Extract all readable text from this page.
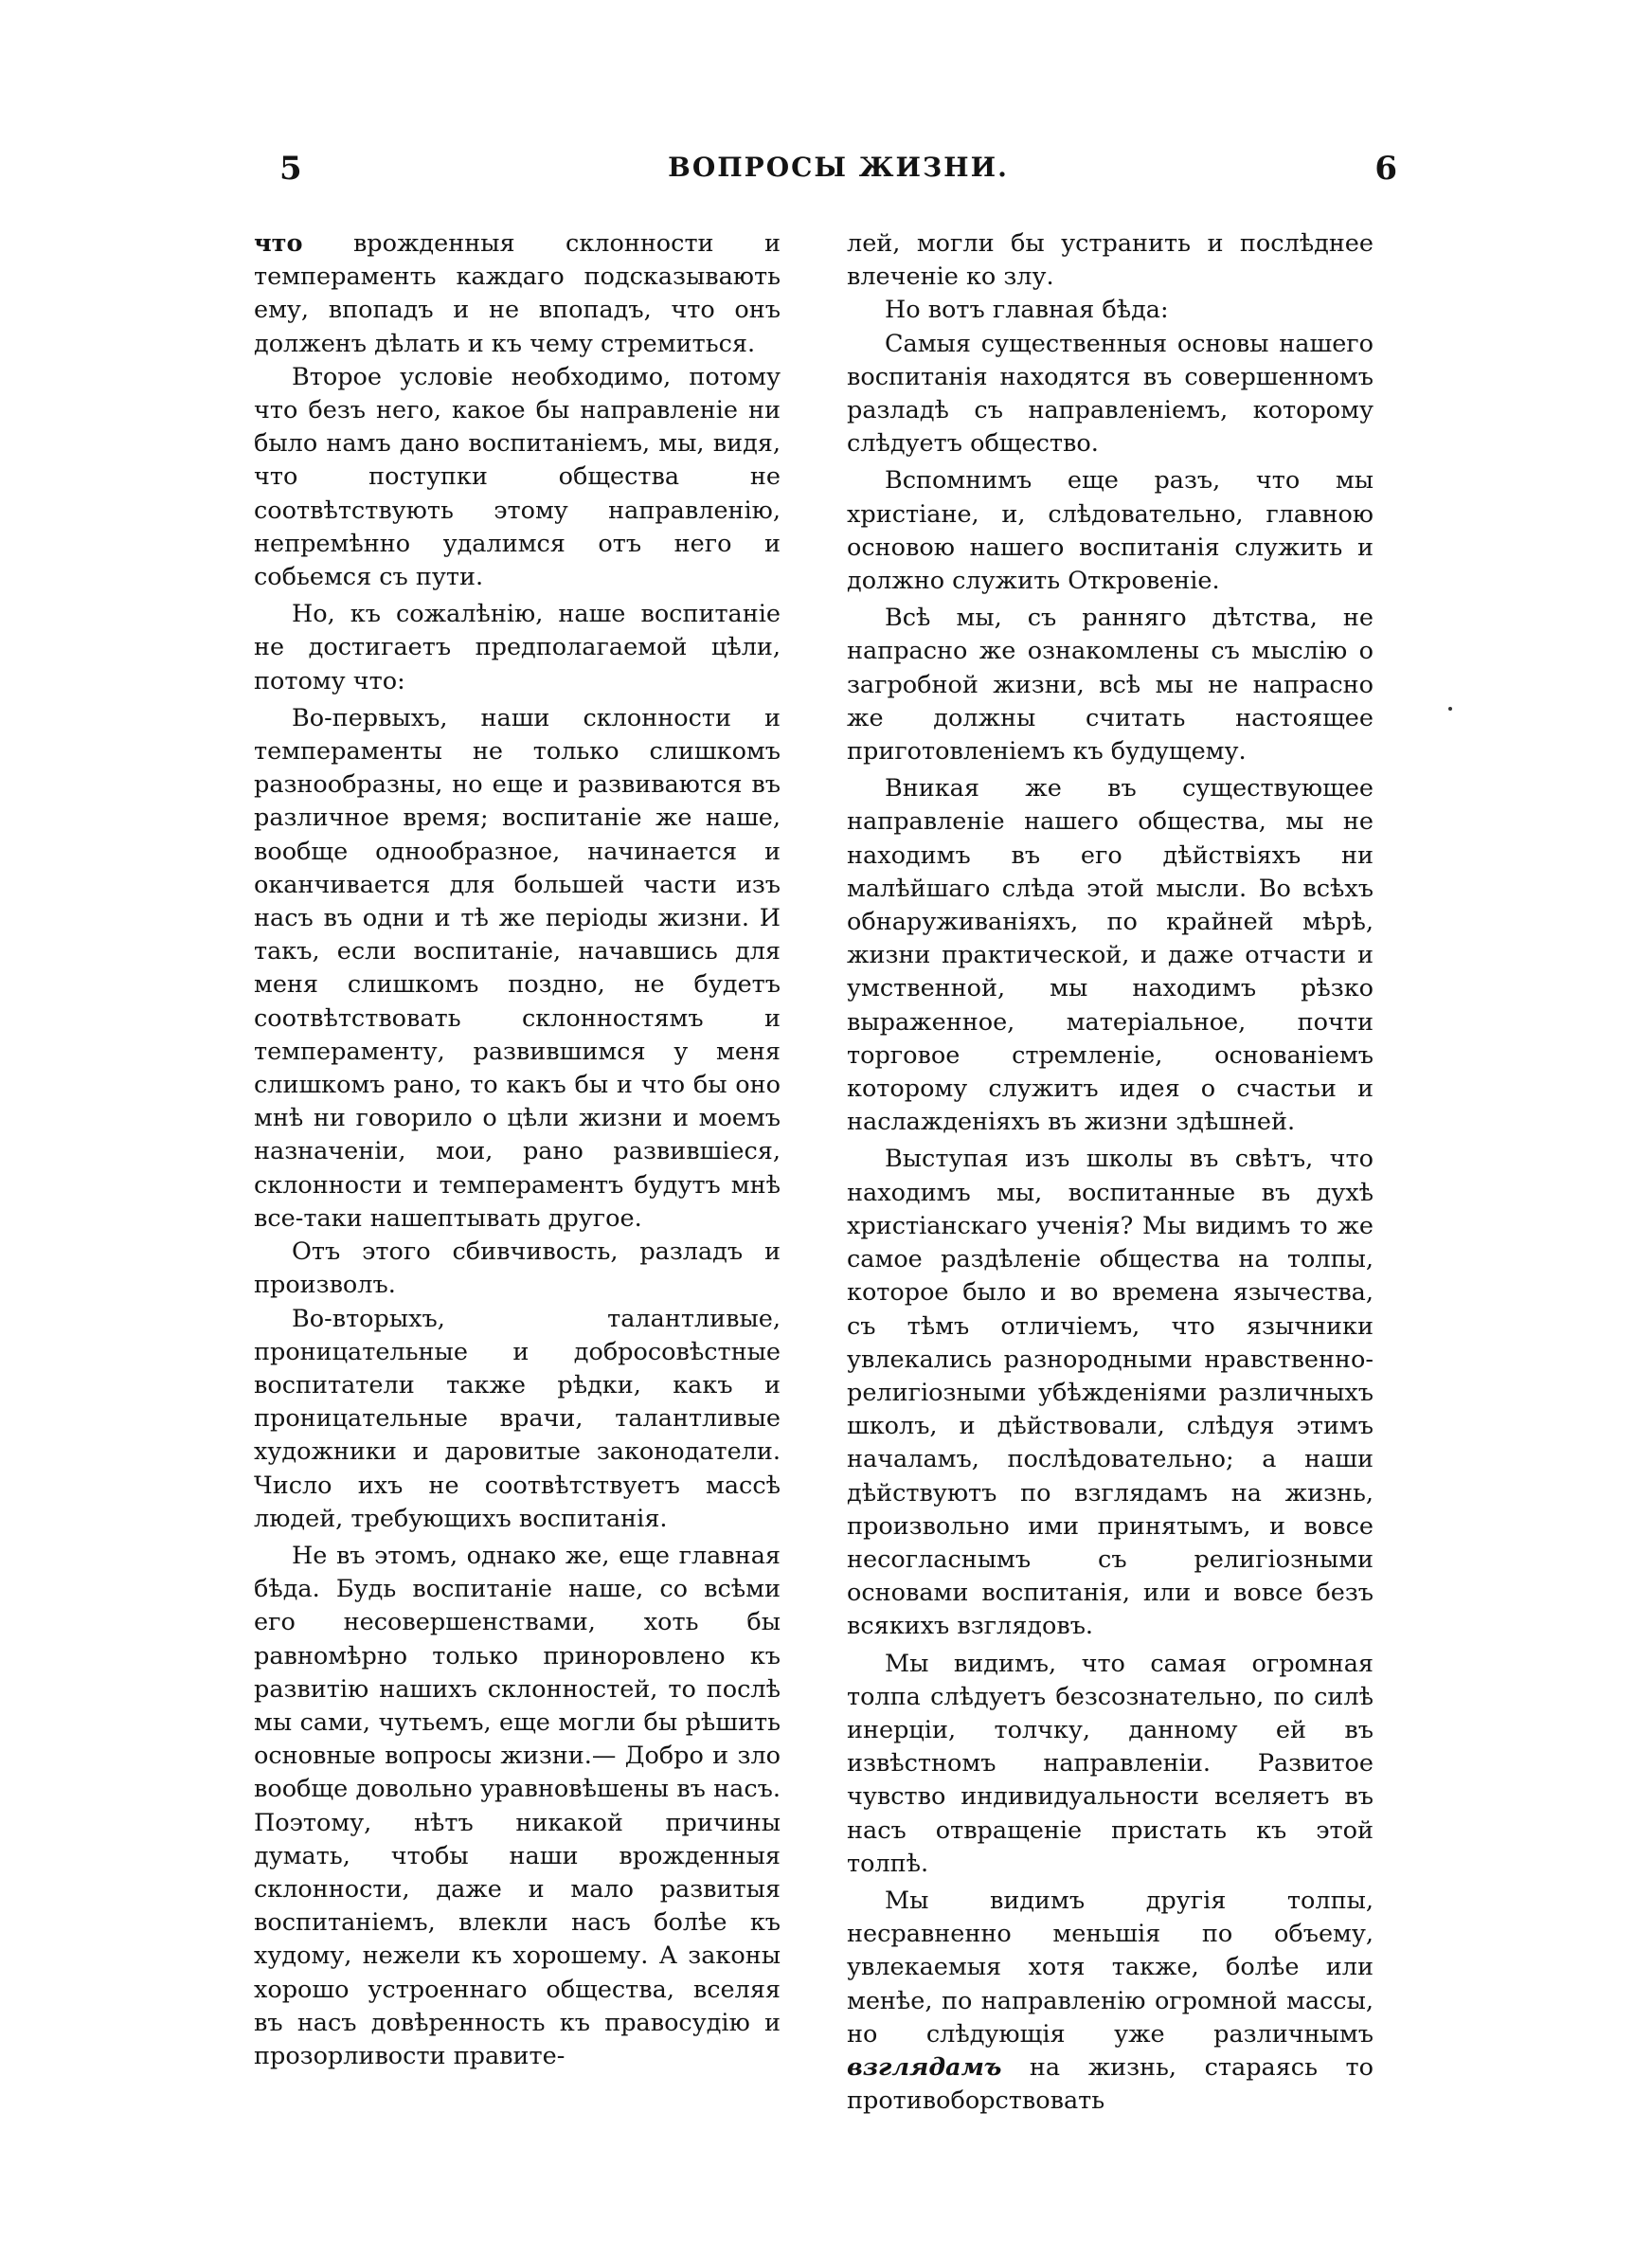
5	ВОПРОСЫ ЖИЗНИ.	6

что врожденныя склонности и темпераменть каждаго подсказывають ему, впопадъ и не впопадъ, что онъ долженъ дѣлать и къ чему стремиться.

Второе условіе необходимо, потому что безъ него, какое бы направленіе ни было намъ дано воспитаніемъ, мы, видя, что поступки общества не соотвѣтствують этому направленію, непремѣнно удалимся отъ него и собьемся съ пути.

Но, къ сожалѣнію, наше воспитаніе не достигаетъ предполагаемой цѣли, потому что:

Во-первыхъ, наши склонности и темпераменты не только слишкомъ разнообразны, но еще и развиваются въ различное время; воспитаніе же наше, вообще однообразное, начинается и оканчивается для большей части изъ насъ въ одни и тѣ же періоды жизни. И такъ, если воспитаніе, начавшись для меня слишкомъ поздно, не будетъ соотвѣтствовать склонностямъ и темпераменту, развившимся у меня слишкомъ рано, то какъ бы и что бы оно мнѣ ни говорило о цѣли жизни и моемъ назначеніи, мои, рано развившіеся, склонности и темпераментъ будутъ мнѣ все-таки нашептывать другое.

Отъ этого сбивчивость, разладъ и произволъ.

Во-вторыхъ, талантливые, проницательные и добросовѣстные воспитатели также рѣдки, какъ и проницательные врачи, талантливые художники и даровитые законодатели. Число ихъ не соотвѣтствуетъ массѣ людей, требующихъ воспитанія.

Не въ этомъ, однако же, еще главная бѣда. Будь воспитаніе наше, со всѣми его несовершенствами, хоть бы равномѣрно только приноровлено къ развитію нашихъ склонностей, то послѣ мы сами, чутьемъ, еще могли бы рѣшить основные вопросы жизни.— Добро и зло вообще довольно уравновѣшены въ насъ. Поэтому, нѣтъ никакой причины думать, чтобы наши врожденныя склонности, даже и мало развитыя воспитаніемъ, влекли насъ болѣе къ худому, нежели къ хорошему. А законы хорошо устроеннаго общества, вселяя въ насъ довѣренность къ правосудію и прозорливости правите-

лей, могли бы устранить и послѣднее влеченіе ко злу.

Но вотъ главная бѣда:

Самыя существенныя основы нашего воспитанія находятся въ совершенномъ разладѣ съ направленіемъ, которому слѣдуетъ общество.

Вспомнимъ еще разъ, что мы христіане, и, слѣдовательно, главною основою нашего воспитанія служить и должно служить Откровеніе.

Всѣ мы, съ ранняго дѣтства, не напрасно же ознакомлены съ мыслію о загробной жизни, всѣ мы не напрасно же должны считать настоящее приготовленіемъ къ будущему.

Вникая же въ существующее направленіе нашего общества, мы не находимъ въ его дѣйствіяхъ ни малѣйшаго слѣда этой мысли. Во всѣхъ обнаруживаніяхъ, по крайней мѣрѣ, жизни практической, и даже отчасти и умственной, мы находимъ рѣзко выраженное, матеріальное, почти торговое стремленіе, основаніемъ которому служитъ идея о счастьи и наслажденіяхъ въ жизни здѣшней.

Выступая изъ школы въ свѣтъ, что находимъ мы, воспитанные въ духѣ христіанскаго ученія? Мы видимъ то же самое раздѣленіе общества на толпы, которое было и во времена язычества, съ тѣмъ отличіемъ, что язычники увлекались разнородными нравственно-религіозными убѣжденіями различныхъ школъ, и дѣйствовали, слѣдуя этимъ началамъ, послѣдовательно; а наши дѣйствуютъ по взглядамъ на жизнь, произвольно ими принятымъ, и вовсе несогласнымъ съ религіозными основами воспитанія, или и вовсе безъ всякихъ взглядовъ.

Мы видимъ, что самая огромная толпа слѣдуетъ безсознательно, по силѣ инерціи, толчку, данному ей въ извѣстномъ направленіи. Развитое чувство индивидуальности вселяетъ въ насъ отвращеніе пристать къ этой толпѣ.

Мы видимъ другія толпы, несравненно меньшія по объему, увлекаемыя хотя также, болѣе или менѣе, по направленію огромной массы, но слѣдующія уже различнымъ взглядамъ на жизнь, стараясь то противоборствовать
